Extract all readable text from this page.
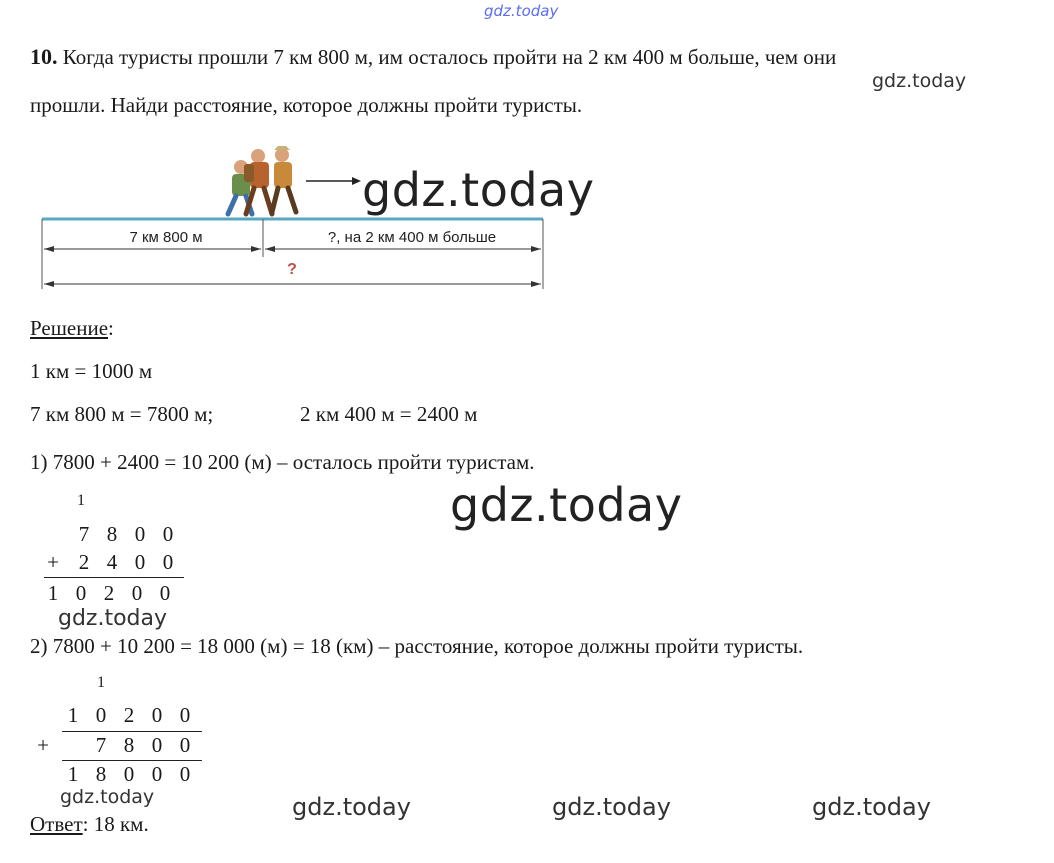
gdz.today
10. Когда туристы прошли 7 км 800 м, им осталось пройти на 2 км 400 м больше, чем они
gdz.today
прошли. Найди расстояние, которое должны пройти туристы.
7 км 800 м	?, на 2 км 400 м больше
?
gdz.today
Решение:
1 км = 1000 м
7 км 800 м = 7800 м;	2 км 400 м = 2400 м
1) 7800 + 2400 = 10 200 (м) – осталось пройти туристам.
gdz.today
1
7 8 0 0
+ 2 4 0 0
1 0 2 0 0
gdz.today
2) 7800 + 10 200 = 18 000 (м) = 18 (км) – расстояние, которое должны пройти туристы.
1
1 0 2 0 0
+ 7 8 0 0
1 8 0 0 0
gdz.today	gdz.today	gdz.today	gdz.today
Ответ: 18 км.
